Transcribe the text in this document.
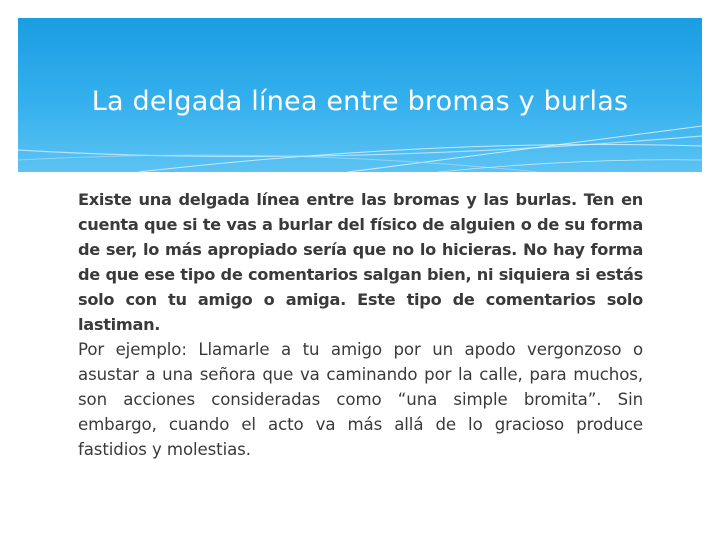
La delgada línea entre bromas y burlas

Existe una delgada línea entre las bromas y las burlas. Ten en cuenta que si te vas a burlar del físico de alguien o de su forma de ser, lo más apropiado sería que no lo hicieras. No hay forma de que ese tipo de comentarios salgan bien, ni siquiera si estás solo con tu amigo o amiga. Este tipo de comentarios solo lastiman.

Por ejemplo: Llamarle a tu amigo por un apodo vergonzoso o asustar a una señora que va caminando por la calle, para muchos, son acciones consideradas como “una simple bromita”. Sin embargo, cuando el acto va más allá de lo gracioso produce fastidios y molestias.
